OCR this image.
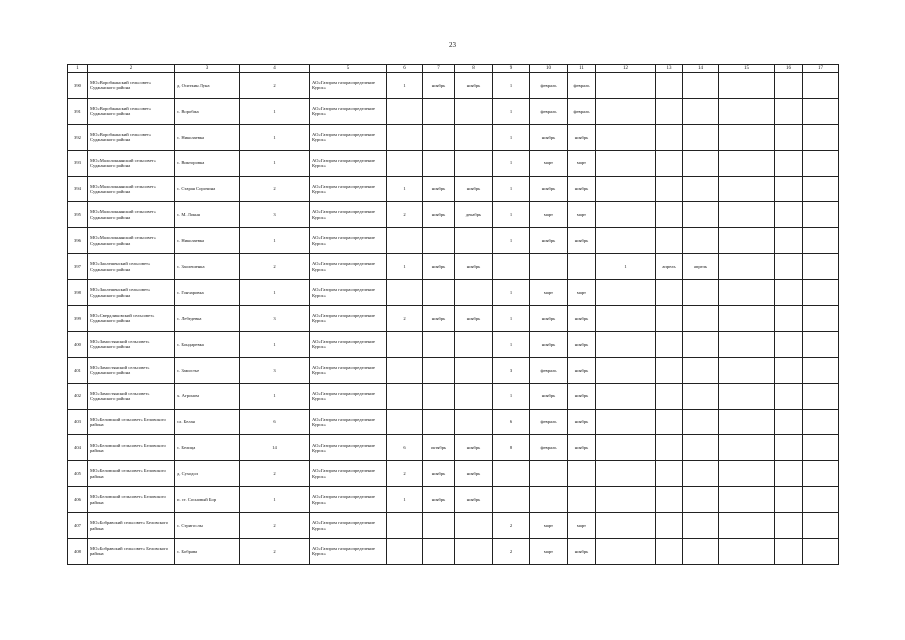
23
1	2	3	4	5	6	7	8	9	10	11	12	13	14	15	16	17
390	МО«Воробжанский сельсовет» Суджанского района	д. Оситкин Луна	2	АО«Газпром газораспределение Курск»	1	ноябрь	ноябрь	1	февраль	февраль						
391	МО«Воробжанский сельсовет» Суджанского района	с. Воробжа	1	АО«Газпром газораспределение Курск»				1	февраль	февраль						
392	МО«Воробжанский сельсовет» Суджанского района	с. Николаевка	1	АО«Газпром газораспределение Курск»				1	ноябрь	ноябрь						
393	МО«Малолокнянский сельсовет» Суджанского района	с. Викторовка	1	АО«Газпром газораспределение Курск»				1	март	март						
394	МО«Малолокнянский сельсовет» Суджанского района	с. Старая Сорочина	2	АО«Газпром газораспределение Курск»	1	ноябрь	ноябрь	1	ноябрь	ноябрь						
395	МО«Малолокнянский сельсовет» Суджанского района	с. М. Локня	3	АО«Газпром газораспределение Курск»	2	ноябрь	декабрь	1	март	март						
396	МО«Малолокнянский сельсовет» Суджанского района	с. Николаевка	1	АО«Газпром газораспределение Курск»				1	ноябрь	ноябрь						
397	МО«Заолешенский сельсовет» Суджанского района	с. Заолешенка	2	АО«Газпром газораспределение Курск»	1	ноябрь	ноябрь				1	апрель	апрель			
398	МО«Заолешенский сельсовет» Суджанского района	с. Гончаровка	1	АО«Газпром газораспределение Курск»				1	март	март						
399	МО«Свердликовский сельсовет» Суджанского района	с. Лебедевка	3	АО«Газпром газораспределение Курск»	2	ноябрь	ноябрь	1	ноябрь	ноябрь						
400	МО«Замостянский сельсовет» Суджанского района	с. Бондаревка	1	АО«Газпром газораспределение Курск»				1	ноябрь	ноябрь						
401	МО«Замостянский сельсовет» Суджанского района	с. Замостье	3	АО«Газпром газораспределение Курск»				3	февраль	ноябрь						
402	МО«Замостянский сельсовет» Суджанского района	х. Агроном	1	АО«Газпром газораспределение Курск»				1	ноябрь	ноябрь						
403	МО«Беловский сельсовет» Беловского района	сл. Белая	6	АО«Газпром газораспределение Курск»				6	февраль	ноябрь						
404	МО«Беловский сельсовет» Беловского района	с. Белица	14	АО«Газпром газораспределение Курск»	6	октябрь	ноябрь	8	февраль	ноябрь						
405	МО«Беловский сельсовет» Беловского района	д. Суходол	2	АО«Газпром газораспределение Курск»	2	ноябрь	ноябрь									
406	МО«Беловский сельсовет» Беловского района	п. ст. Сосновый Бор	1	АО«Газпром газораспределение Курск»	1	ноябрь	ноябрь									
407	МО«Бобравский сельсовет» Беловского района	с. Стригослы	2	АО«Газпром газораспределение Курск»				2	март	март						
408	МО«Бобравский сельсовет» Беловского района	с. Бобрава	2	АО«Газпром газораспределение Курск»				2	март	ноябрь						
